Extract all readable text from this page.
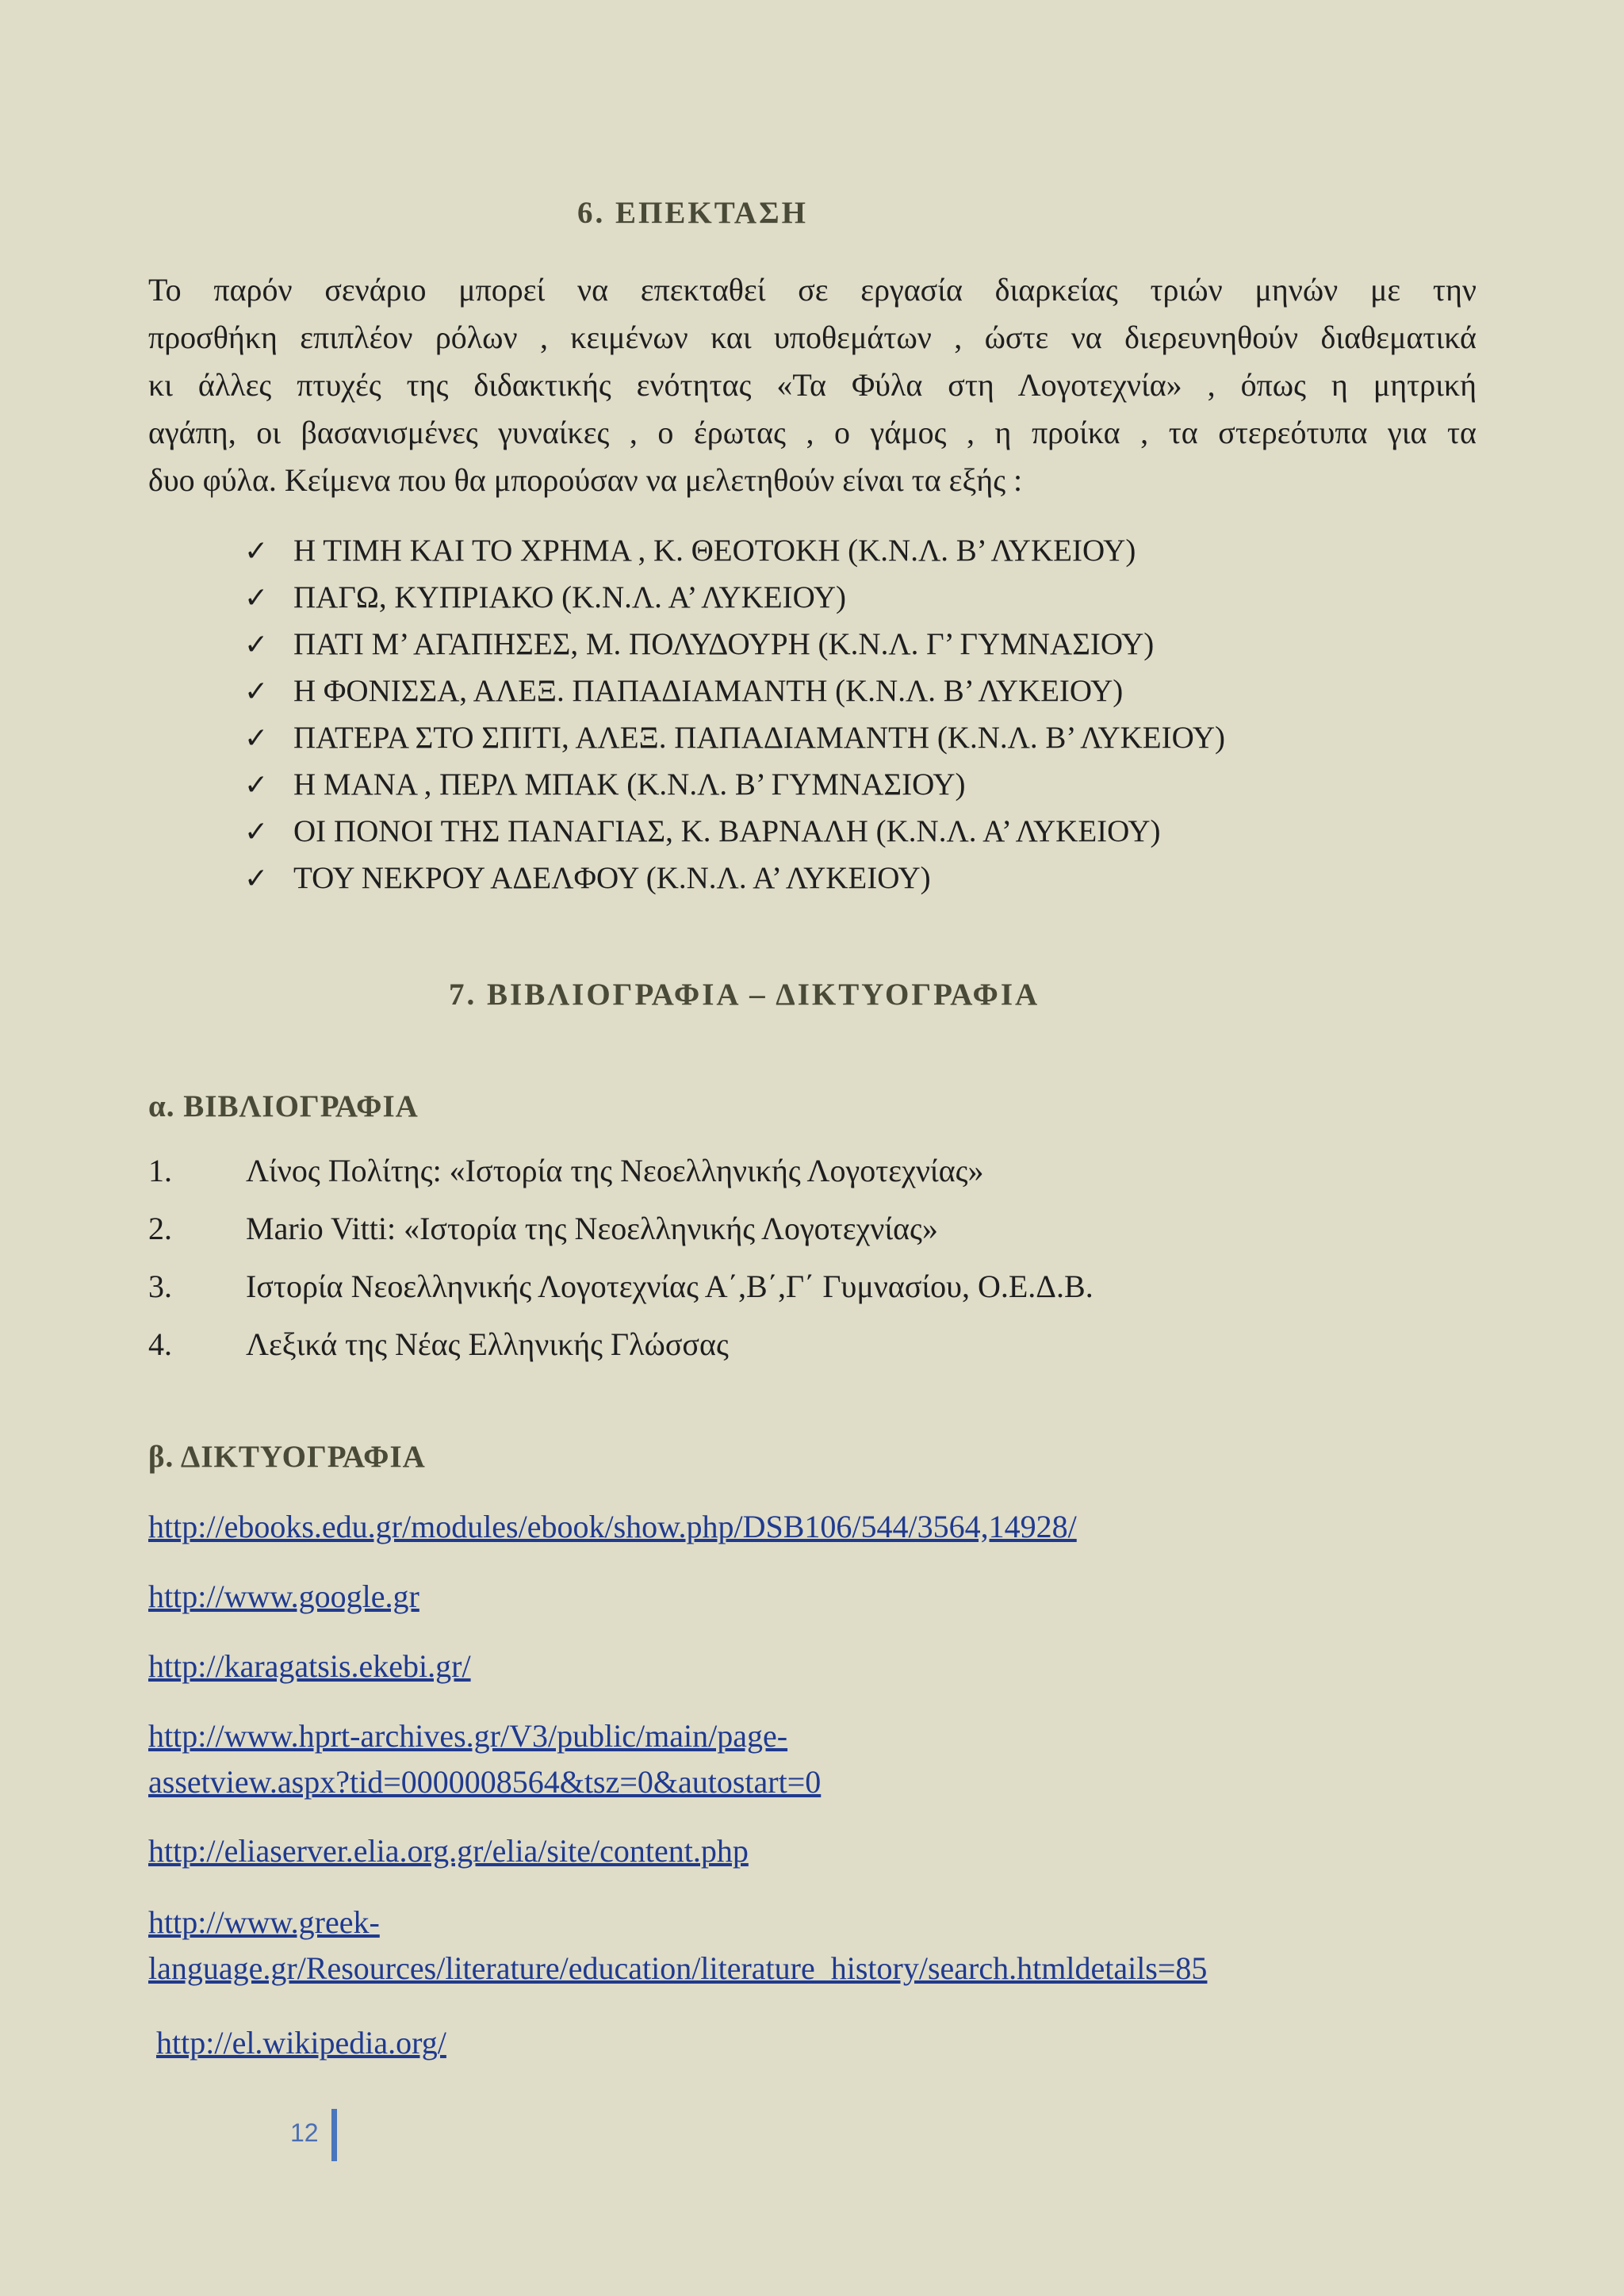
6. ΕΠΕΚΤΑΣΗ
Το παρόν σενάριο μπορεί να επεκταθεί σε εργασία διαρκείας τριών μηνών με την
προσθήκη επιπλέον ρόλων , κειμένων και υποθεμάτων , ώστε να διερευνηθούν διαθεματικά
κι άλλες πτυχές της διδακτικής ενότητας «Τα Φύλα στη Λογοτεχνία» , όπως η μητρική
αγάπη, οι βασανισμένες γυναίκες , ο έρωτας , ο γάμος , η προίκα , τα στερεότυπα για τα
δυο φύλα. Κείμενα που θα μπορούσαν να μελετηθούν είναι τα εξής :
✓ Η ΤΙΜΗ ΚΑΙ ΤΟ ΧΡΗΜΑ , Κ. ΘΕΟΤΟΚΗ (Κ.Ν.Λ. Β’ ΛΥΚΕΙΟΥ)
✓ ΠΑΓΩ, ΚΥΠΡΙΑΚΟ (Κ.Ν.Λ. Α’ ΛΥΚΕΙΟΥ)
✓ ΠΑΤΙ Μ’ ΑΓΑΠΗΣΕΣ, Μ. ΠΟΛΥΔΟΥΡΗ (Κ.Ν.Λ. Γ’ ΓΥΜΝΑΣΙΟΥ)
✓ Η ΦΟΝΙΣΣΑ, ΑΛΕΞ. ΠΑΠΑΔΙΑΜΑΝΤΗ (Κ.Ν.Λ. Β’ ΛΥΚΕΙΟΥ)
✓ ΠΑΤΕΡΑ ΣΤΟ ΣΠΙΤΙ, ΑΛΕΞ. ΠΑΠΑΔΙΑΜΑΝΤΗ (Κ.Ν.Λ. Β’ ΛΥΚΕΙΟΥ)
✓ Η ΜΑΝΑ , ΠΕΡΛ ΜΠΑΚ (Κ.Ν.Λ. Β’ ΓΥΜΝΑΣΙΟΥ)
✓ ΟΙ ΠΟΝΟΙ ΤΗΣ ΠΑΝΑΓΙΑΣ, Κ. ΒΑΡΝΑΛΗ (Κ.Ν.Λ. Α’ ΛΥΚΕΙΟΥ)
✓ ΤΟΥ ΝΕΚΡΟΥ ΑΔΕΛΦΟΥ (Κ.Ν.Λ. Α’ ΛΥΚΕΙΟΥ)
7. ΒΙΒΛΙΟΓΡΑΦΙΑ – ΔΙΚΤΥΟΓΡΑΦΙΑ
α. ΒΙΒΛΙΟΓΡΑΦΙΑ
1. Λίνος Πολίτης: «Ιστορία της Νεοελληνικής Λογοτεχνίας»
2. Mario Vitti: «Ιστορία της Νεοελληνικής Λογοτεχνίας»
3. Ιστορία Νεοελληνικής Λογοτεχνίας Α΄,Β΄,Γ΄ Γυμνασίου, Ο.Ε.Δ.Β.
4. Λεξικά της Νέας Ελληνικής Γλώσσας
β. ΔΙΚΤΥΟΓΡΑΦΙΑ
http://ebooks.edu.gr/modules/ebook/show.php/DSB106/544/3564,14928/
http://www.google.gr
http://karagatsis.ekebi.gr/
http://www.hprt-archives.gr/V3/public/main/page-
assetview.aspx?tid=0000008564&tsz=0&autostart=0
http://eliaserver.elia.org.gr/elia/site/content.php
http://www.greek-
language.gr/Resources/literature/education/literature_history/search.htmldetails=85
http://el.wikipedia.org/
12
